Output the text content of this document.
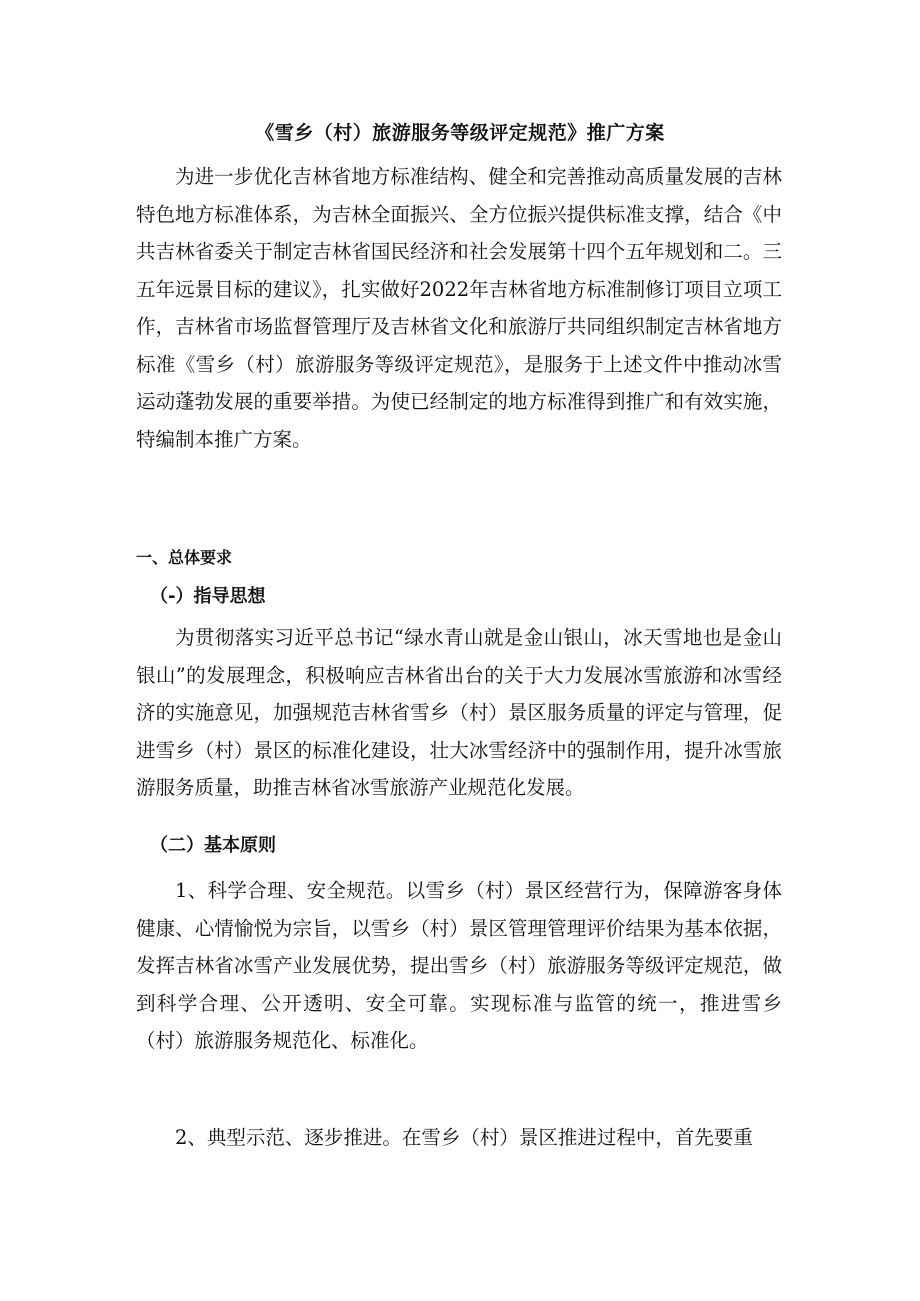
《雪乡（村）旅游服务等级评定规范》推广方案

为进一步优化吉林省地方标准结构、健全和完善推动高质量发展的吉林特色地方标准体系，为吉林全面振兴、全方位振兴提供标准支撑，结合《中共吉林省委关于制定吉林省国民经济和社会发展第十四个五年规划和二。三五年远景目标的建议》，扎实做好2022年吉林省地方标准制修订项目立项工作，吉林省市场监督管理厅及吉林省文化和旅游厅共同组织制定吉林省地方标准《雪乡（村）旅游服务等级评定规范》，是服务于上述文件中推动冰雪运动蓬勃发展的重要举措。为使已经制定的地方标准得到推广和有效实施，特编制本推广方案。

一、总体要求
（-）指导思想

为贯彻落实习近平总书记“绿水青山就是金山银山，冰天雪地也是金山银山”的发展理念，积极响应吉林省出台的关于大力发展冰雪旅游和冰雪经济的实施意见，加强规范吉林省雪乡（村）景区服务质量的评定与管理，促进雪乡（村）景区的标准化建设，壮大冰雪经济中的强制作用，提升冰雪旅游服务质量，助推吉林省冰雪旅游产业规范化发展。

（二）基本原则

1、科学合理、安全规范。以雪乡（村）景区经营行为，保障游客身体健康、心情愉悦为宗旨，以雪乡（村）景区管理管理评价结果为基本依据，发挥吉林省冰雪产业发展优势，提出雪乡（村）旅游服务等级评定规范，做到科学合理、公开透明、安全可靠。实现标准与监管的统一，推进雪乡（村）旅游服务规范化、标准化。

2、典型示范、逐步推进。在雪乡（村）景区推进过程中，首先要重
